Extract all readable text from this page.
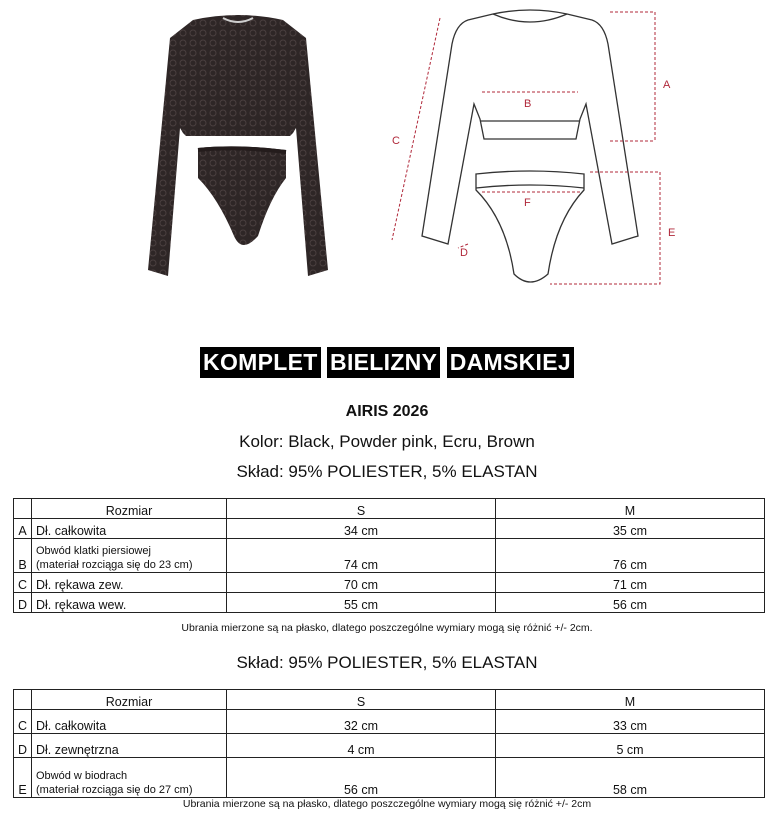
A
B
C
D
E
F
KOMPLET BIELIZNY DAMSKIEJ
AIRIS 2026
Kolor: Black, Powder pink, Ecru, Brown
Skład: 95% POLIESTER, 5% ELASTAN
	Rozmiar	S	M
A	Dł. całkowita	34 cm	35 cm
B	Obwód klatki piersiowej
(materiał rozciąga się do 23 cm)	74 cm	76 cm
C	Dł. rękawa zew.	70 cm	71 cm
D	Dł. rękawa wew.	55 cm	56 cm
Ubrania mierzone są na płasko, dlatego poszczególne wymiary mogą się różnić +/- 2cm.
Skład: 95% POLIESTER, 5% ELASTAN
	Rozmiar	S	M
C	Dł. całkowita	32 cm	33 cm
D	Dł. zewnętrzna	4 cm	5 cm
E	Obwód w biodrach
(materiał rozciąga się do 27 cm)	56 cm	58 cm
Ubrania mierzone są na płasko, dlatego poszczególne wymiary mogą się różnić +/- 2cm
